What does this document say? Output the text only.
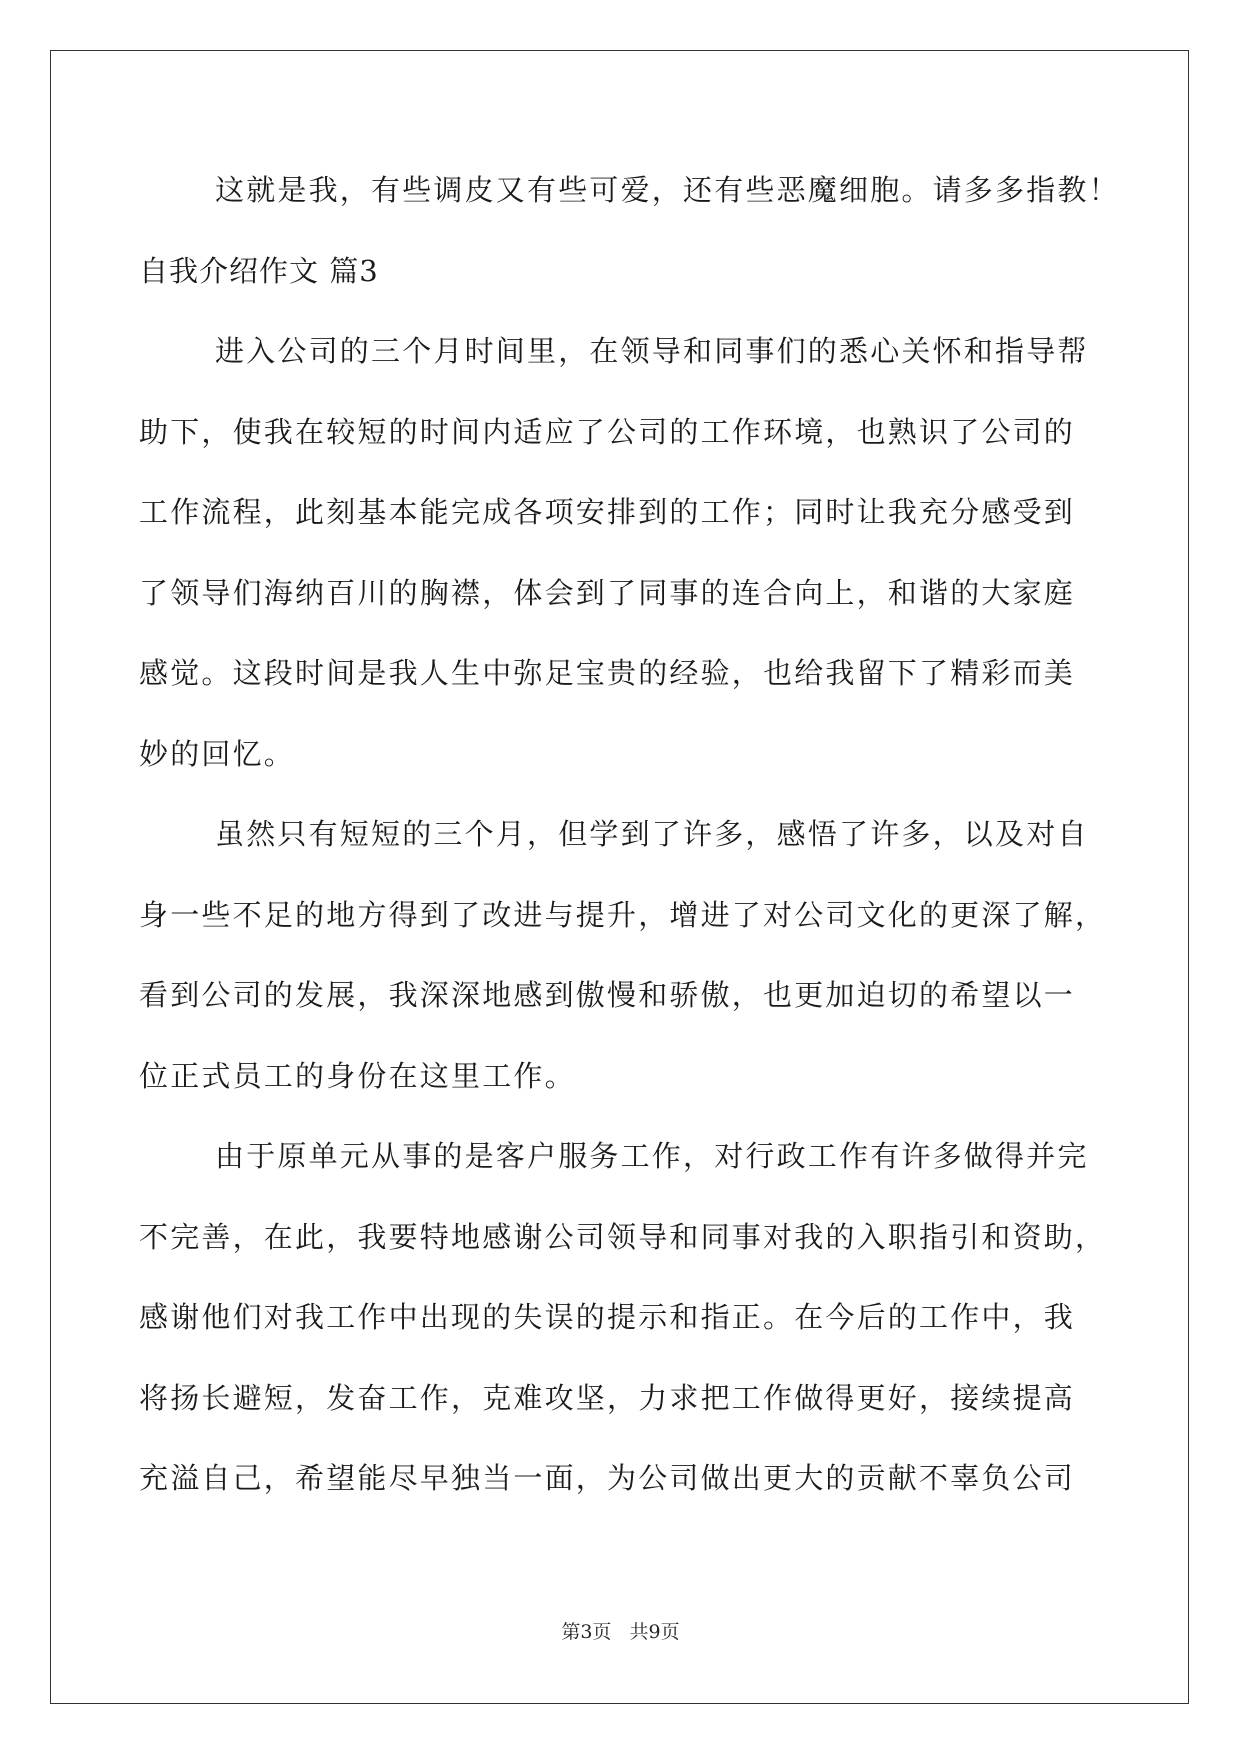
这就是我，有些调皮又有些可爱，还有些恶魔细胞。请多多指教！
自我介绍作文 篇3
进入公司的三个月时间里，在领导和同事们的悉心关怀和指导帮
助下，使我在较短的时间内适应了公司的工作环境，也熟识了公司的
工作流程，此刻基本能完成各项安排到的工作；同时让我充分感受到
了领导们海纳百川的胸襟，体会到了同事的连合向上，和谐的大家庭
感觉。这段时间是我人生中弥足宝贵的经验，也给我留下了精彩而美
妙的回忆。
虽然只有短短的三个月，但学到了许多，感悟了许多，以及对自
身一些不足的地方得到了改进与提升，增进了对公司文化的更深了解，
看到公司的发展，我深深地感到傲慢和骄傲，也更加迫切的希望以一
位正式员工的身份在这里工作。
由于原单元从事的是客户服务工作，对行政工作有许多做得并完
不完善，在此，我要特地感谢公司领导和同事对我的入职指引和资助，
感谢他们对我工作中出现的失误的提示和指正。在今后的工作中，我
将扬长避短，发奋工作，克难攻坚，力求把工作做得更好，接续提高
充溢自己，希望能尽早独当一面，为公司做出更大的贡献不辜负公司
第3页   共9页
